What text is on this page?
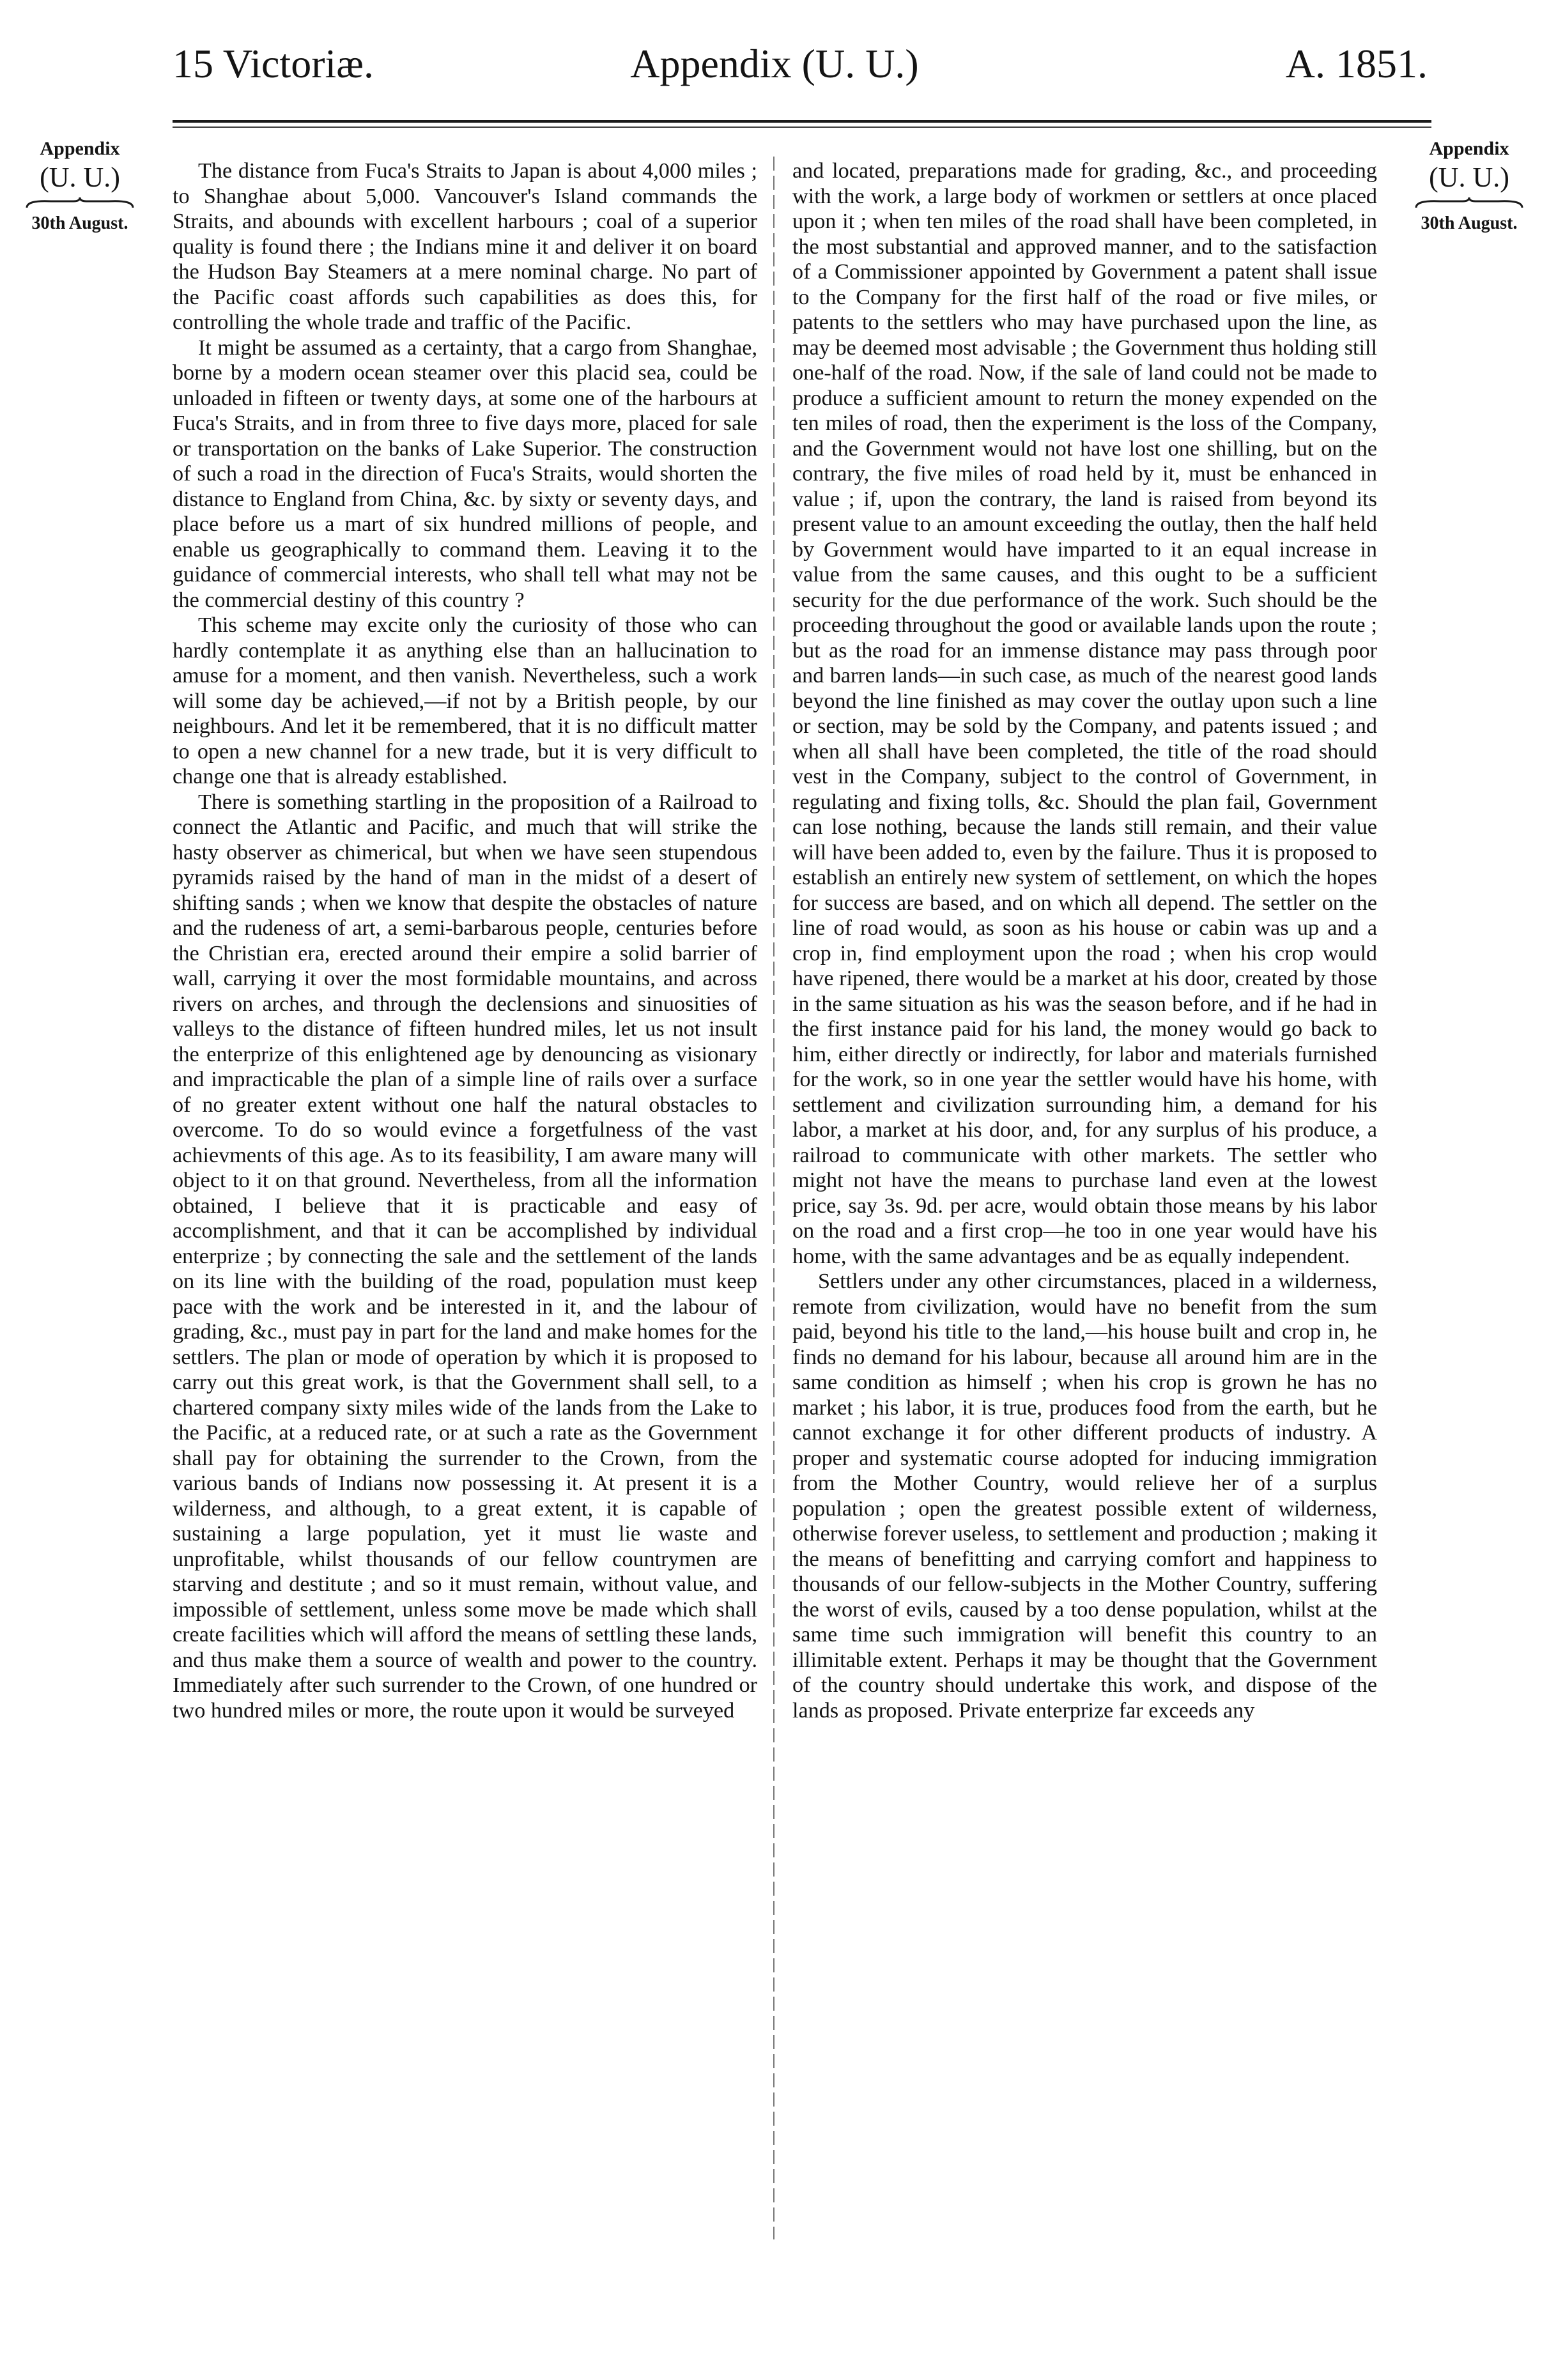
15 Victoriæ.	Appendix (U. U.)	A. 1851.
Appendix
(U. U.)
30th August.
Appendix
(U. U.)
30th August.

The distance from Fuca's Straits to Japan is about 4,000 miles ; to Shanghae about 5,000. Vancouver's Island commands the Straits, and abounds with excellent harbours ; coal of a superior quality is found there ; the Indians mine it and deliver it on board the Hudson Bay Steamers at a mere nominal charge. No part of the Pacific coast affords such capabilities as does this, for controlling the whole trade and traffic of the Pacific.

It might be assumed as a certainty, that a cargo from Shanghae, borne by a modern ocean steamer over this placid sea, could be unloaded in fifteen or twenty days, at some one of the harbours at Fuca's Straits, and in from three to five days more, placed for sale or transportation on the banks of Lake Superior. The construction of such a road in the direction of Fuca's Straits, would shorten the distance to England from China, &c. by sixty or seventy days, and place before us a mart of six hundred millions of people, and enable us geographically to command them. Leaving it to the guidance of commercial interests, who shall tell what may not be the commercial destiny of this country ?

This scheme may excite only the curiosity of those who can hardly contemplate it as anything else than an hallucination to amuse for a moment, and then vanish. Nevertheless, such a work will some day be achieved,—if not by a British people, by our neighbours. And let it be remembered, that it is no difficult matter to open a new channel for a new trade, but it is very difficult to change one that is already established.

There is something startling in the proposition of a Railroad to connect the Atlantic and Pacific, and much that will strike the hasty observer as chimerical, but when we have seen stupendous pyramids raised by the hand of man in the midst of a desert of shifting sands ; when we know that despite the obstacles of nature and the rudeness of art, a semi-barbarous people, centuries before the Christian era, erected around their empire a solid barrier of wall, carrying it over the most formidable mountains, and across rivers on arches, and through the declensions and sinuosities of valleys to the distance of fifteen hundred miles, let us not insult the enterprize of this enlightened age by denouncing as visionary and impracticable the plan of a simple line of rails over a surface of no greater extent without one half the natural obstacles to overcome. To do so would evince a forgetfulness of the vast achievments of this age. As to its feasibility, I am aware many will object to it on that ground. Nevertheless, from all the information obtained, I believe that it is practicable and easy of accomplishment, and that it can be accomplished by individual enterprize ; by connecting the sale and the settlement of the lands on its line with the building of the road, population must keep pace with the work and be interested in it, and the labour of grading, &c., must pay in part for the land and make homes for the settlers. The plan or mode of operation by which it is proposed to carry out this great work, is that the Government shall sell, to a chartered company sixty miles wide of the lands from the Lake to the Pacific, at a reduced rate, or at such a rate as the Government shall pay for obtaining the surrender to the Crown, from the various bands of Indians now possessing it. At present it is a wilderness, and although, to a great extent, it is capable of sustaining a large population, yet it must lie waste and unprofitable, whilst thousands of our fellow countrymen are starving and destitute ; and so it must remain, without value, and impossible of settlement, unless some move be made which shall create facilities which will afford the means of settling these lands, and thus make them a source of wealth and power to the country. Immediately after such surrender to the Crown, of one hundred or two hundred miles or more, the route upon it would be surveyed

and located, preparations made for grading, &c., and proceeding with the work, a large body of workmen or settlers at once placed upon it ; when ten miles of the road shall have been completed, in the most substantial and approved manner, and to the satisfaction of a Commissioner appointed by Government a patent shall issue to the Company for the first half of the road or five miles, or patents to the settlers who may have purchased upon the line, as may be deemed most advisable ; the Government thus holding still one-half of the road. Now, if the sale of land could not be made to produce a sufficient amount to return the money expended on the ten miles of road, then the experiment is the loss of the Company, and the Government would not have lost one shilling, but on the contrary, the five miles of road held by it, must be enhanced in value ; if, upon the contrary, the land is raised from beyond its present value to an amount exceeding the outlay, then the half held by Government would have imparted to it an equal increase in value from the same causes, and this ought to be a sufficient security for the due performance of the work. Such should be the proceeding throughout the good or available lands upon the route ; but as the road for an immense distance may pass through poor and barren lands—in such case, as much of the nearest good lands beyond the line finished as may cover the outlay upon such a line or section, may be sold by the Company, and patents issued ; and when all shall have been completed, the title of the road should vest in the Company, subject to the control of Government, in regulating and fixing tolls, &c. Should the plan fail, Government can lose nothing, because the lands still remain, and their value will have been added to, even by the failure. Thus it is proposed to establish an entirely new system of settlement, on which the hopes for success are based, and on which all depend. The settler on the line of road would, as soon as his house or cabin was up and a crop in, find employment upon the road ; when his crop would have ripened, there would be a market at his door, created by those in the same situation as his was the season before, and if he had in the first instance paid for his land, the money would go back to him, either directly or indirectly, for labor and materials furnished for the work, so in one year the settler would have his home, with settlement and civilization surrounding him, a demand for his labor, a market at his door, and, for any surplus of his produce, a railroad to communicate with other markets. The settler who might not have the means to purchase land even at the lowest price, say 3s. 9d. per acre, would obtain those means by his labor on the road and a first crop—he too in one year would have his home, with the same advantages and be as equally independent.

Settlers under any other circumstances, placed in a wilderness, remote from civilization, would have no benefit from the sum paid, beyond his title to the land,—his house built and crop in, he finds no demand for his labour, because all around him are in the same condition as himself ; when his crop is grown he has no market ; his labor, it is true, produces food from the earth, but he cannot exchange it for other different products of industry. A proper and systematic course adopted for inducing immigration from the Mother Country, would relieve her of a surplus population ; open the greatest possible extent of wilderness, otherwise forever useless, to settlement and production ; making it the means of benefitting and carrying comfort and happiness to thousands of our fellow-subjects in the Mother Country, suffering the worst of evils, caused by a too dense population, whilst at the same time such immigration will benefit this country to an illimitable extent. Perhaps it may be thought that the Government of the country should undertake this work, and dispose of the lands as proposed. Private enterprize far exceeds any
